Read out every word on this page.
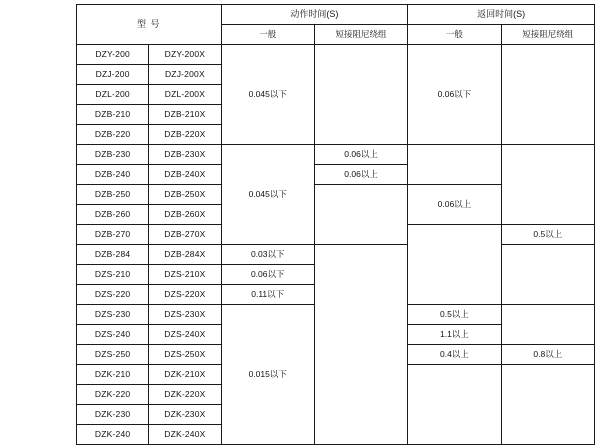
型 号		动作时间(S)		返回时间(S)	
		一般	短接阻尼绕组	一般	短接阻尼绕组
DZY-200	DZY-200X	0.045以下		0.06以下	
DZJ-200	DZJ-200X				
DZL-200	DZL-200X				
DZB-210	DZB-210X				
DZB-220	DZB-220X				
DZB-230	DZB-230X	0.045以下	0.06以上		
DZB-240	DZB-240X		0.06以上		
DZB-250	DZB-250X			0.06以上	
DZB-260	DZB-260X				
DZB-270	DZB-270X				0.5以上
DZB-284	DZB-284X	0.03以下			
DZS-210	DZS-210X	0.06以下			
DZS-220	DZS-220X	0.11以下			
DZS-230	DZS-230X	0.015以下		0.5以上	
DZS-240	DZS-240X			1.1以上	
DZS-250	DZS-250X			0.4以上	0.8以上
DZK-210	DZK-210X				
DZK-220	DZK-220X				
DZK-230	DZK-230X				
DZK-240	DZK-240X				
